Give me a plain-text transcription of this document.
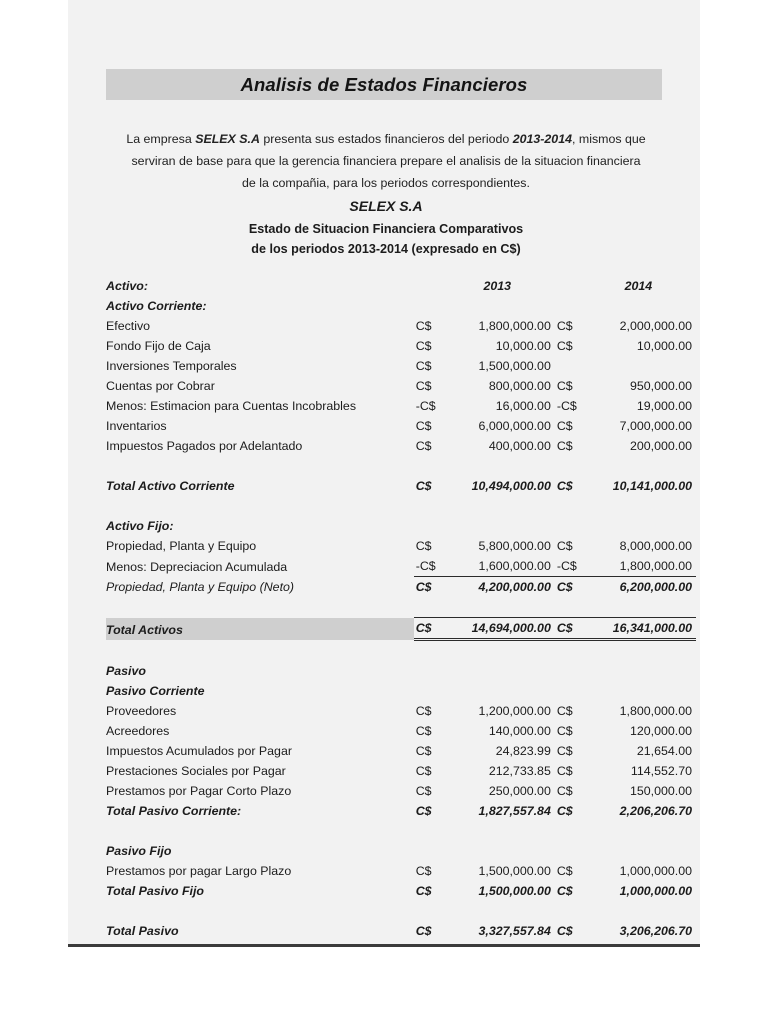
Analisis de Estados Financieros

La empresa SELEX S.A presenta sus estados financieros del periodo 2013-2014, mismos que serviran de base para que la gerencia financiera prepare el analisis de la situacion financiera de la compañia, para los periodos correspondientes.

SELEX S.A
Estado de Situacion Financiera Comparativos
de los periodos 2013-2014 (expresado en C$)
Activo:		2013		2014
Activo Corriente:				
Efectivo	C$	1,800,000.00	C$	2,000,000.00
Fondo Fijo de Caja	C$	10,000.00	C$	10,000.00
Inversiones Temporales	C$	1,500,000.00		
Cuentas por Cobrar	C$	800,000.00	C$	950,000.00
Menos: Estimacion para Cuentas Incobrables	-C$	16,000.00	-C$	19,000.00
Inventarios	C$	6,000,000.00	C$	7,000,000.00
Impuestos Pagados por Adelantado	C$	400,000.00	C$	200,000.00

Total Activo Corriente	C$	10,494,000.00	C$	10,141,000.00

Activo Fijo:				
Propiedad, Planta y Equipo	C$	5,800,000.00	C$	8,000,000.00
Menos: Depreciacion Acumulada	-C$	1,600,000.00	-C$	1,800,000.00
Propiedad, Planta y Equipo (Neto)	C$	4,200,000.00	C$	6,200,000.00

Total Activos	C$	14,694,000.00	C$	16,341,000.00

Pasivo				
Pasivo Corriente				
Proveedores	C$	1,200,000.00	C$	1,800,000.00
Acreedores	C$	140,000.00	C$	120,000.00
Impuestos Acumulados por Pagar	C$	24,823.99	C$	21,654.00
Prestaciones Sociales por Pagar	C$	212,733.85	C$	114,552.70
Prestamos por Pagar Corto Plazo	C$	250,000.00	C$	150,000.00
Total Pasivo Corriente:	C$	1,827,557.84	C$	2,206,206.70

Pasivo Fijo				
Prestamos por pagar Largo Plazo	C$	1,500,000.00	C$	1,000,000.00
Total Pasivo Fijo	C$	1,500,000.00	C$	1,000,000.00

Total Pasivo	C$	3,327,557.84	C$	3,206,206.70
